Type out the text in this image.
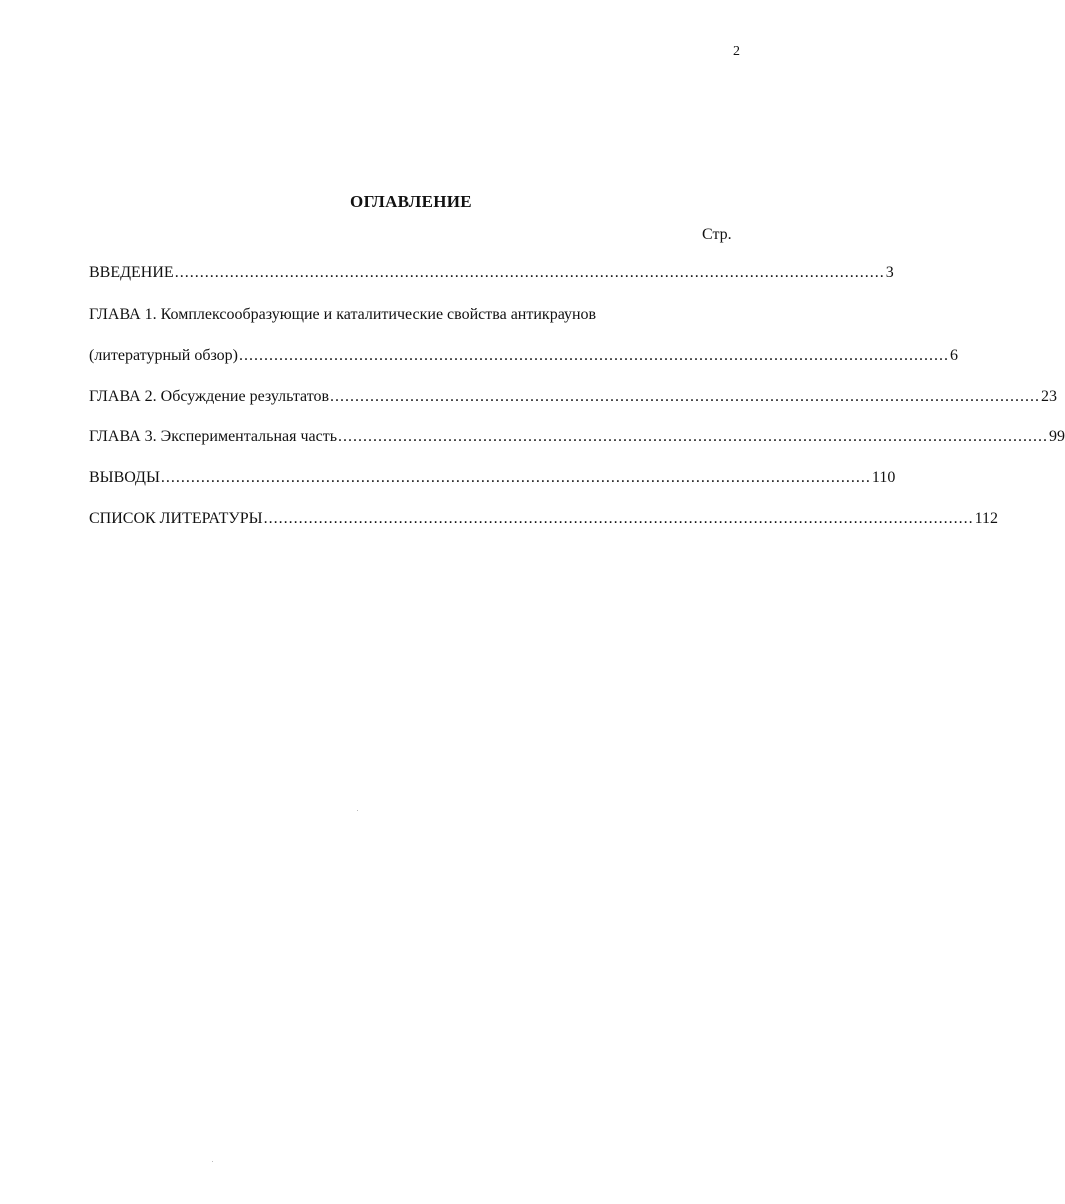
2
ОГЛАВЛЕНИЕ
Стр.
ВВЕДЕНИЕ .............................................................................................................................................. 3
ГЛАВА 1. Комплексообразующие и каталитические свойства антикраунов
(литературный обзор) .............................................................................................................................................. 6
ГЛАВА 2. Обсуждение результатов .............................................................................................................................................. 23
ГЛАВА 3. Экспериментальная часть .............................................................................................................................................. 99
ВЫВОДЫ .............................................................................................................................................. 110
СПИСОК ЛИТЕРАТУРЫ .............................................................................................................................................. 112
